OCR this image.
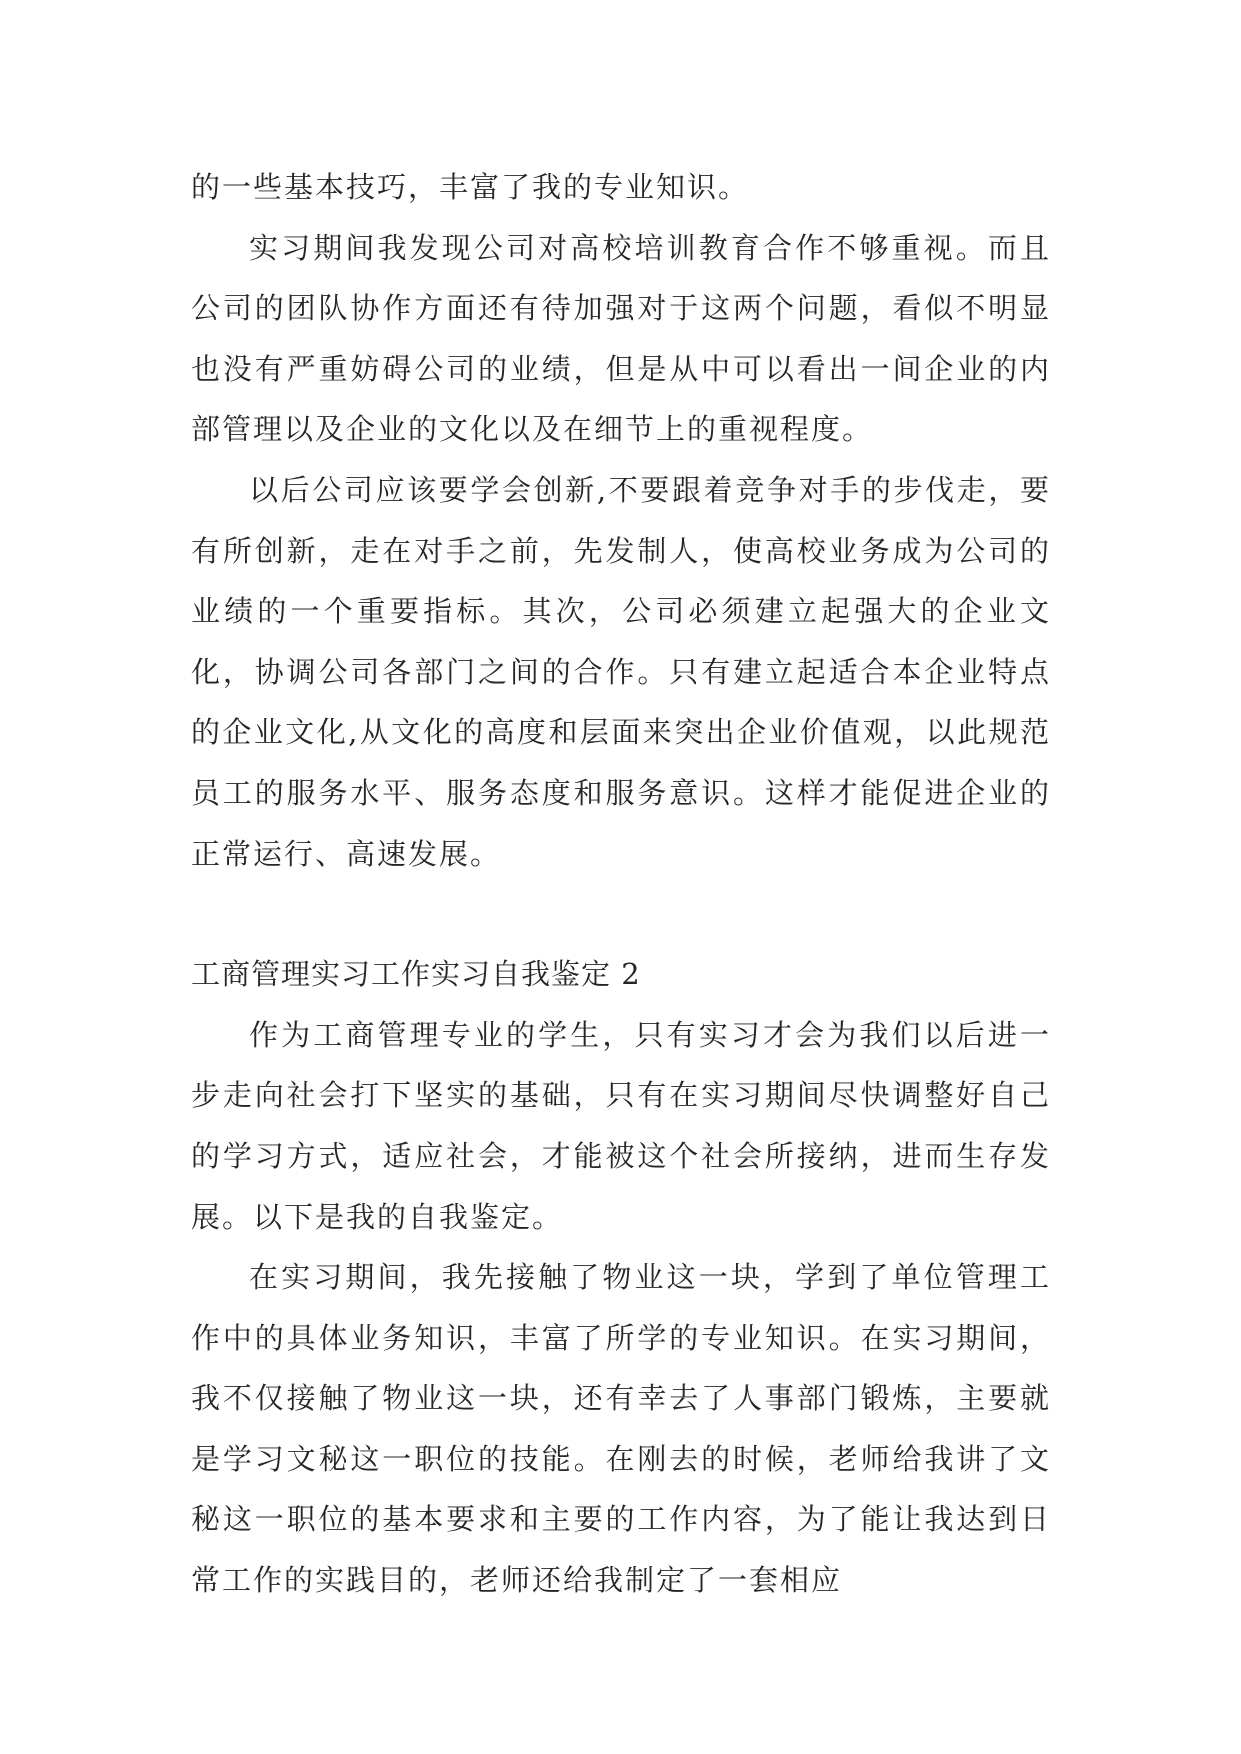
的一些基本技巧，丰富了我的专业知识。

实习期间我发现公司对高校培训教育合作不够重视。而且公司的团队协作方面还有待加强对于这两个问题，看似不明显也没有严重妨碍公司的业绩，但是从中可以看出一间企业的内部管理以及企业的文化以及在细节上的重视程度。

以后公司应该要学会创新,不要跟着竞争对手的步伐走，要有所创新，走在对手之前，先发制人，使高校业务成为公司的业绩的一个重要指标。其次，公司必须建立起强大的企业文化，协调公司各部门之间的合作。只有建立起适合本企业特点的企业文化,从文化的高度和层面来突出企业价值观，以此规范员工的服务水平、服务态度和服务意识。这样才能促进企业的正常运行、高速发展。

工商管理实习工作实习自我鉴定 2

作为工商管理专业的学生，只有实习才会为我们以后进一步走向社会打下坚实的基础，只有在实习期间尽快调整好自己的学习方式，适应社会，才能被这个社会所接纳，进而生存发展。以下是我的自我鉴定。

在实习期间，我先接触了物业这一块，学到了单位管理工作中的具体业务知识，丰富了所学的专业知识。在实习期间，我不仅接触了物业这一块，还有幸去了人事部门锻炼，主要就是学习文秘这一职位的技能。在刚去的时候，老师给我讲了文秘这一职位的基本要求和主要的工作内容，为了能让我达到日常工作的实践目的，老师还给我制定了一套相应
